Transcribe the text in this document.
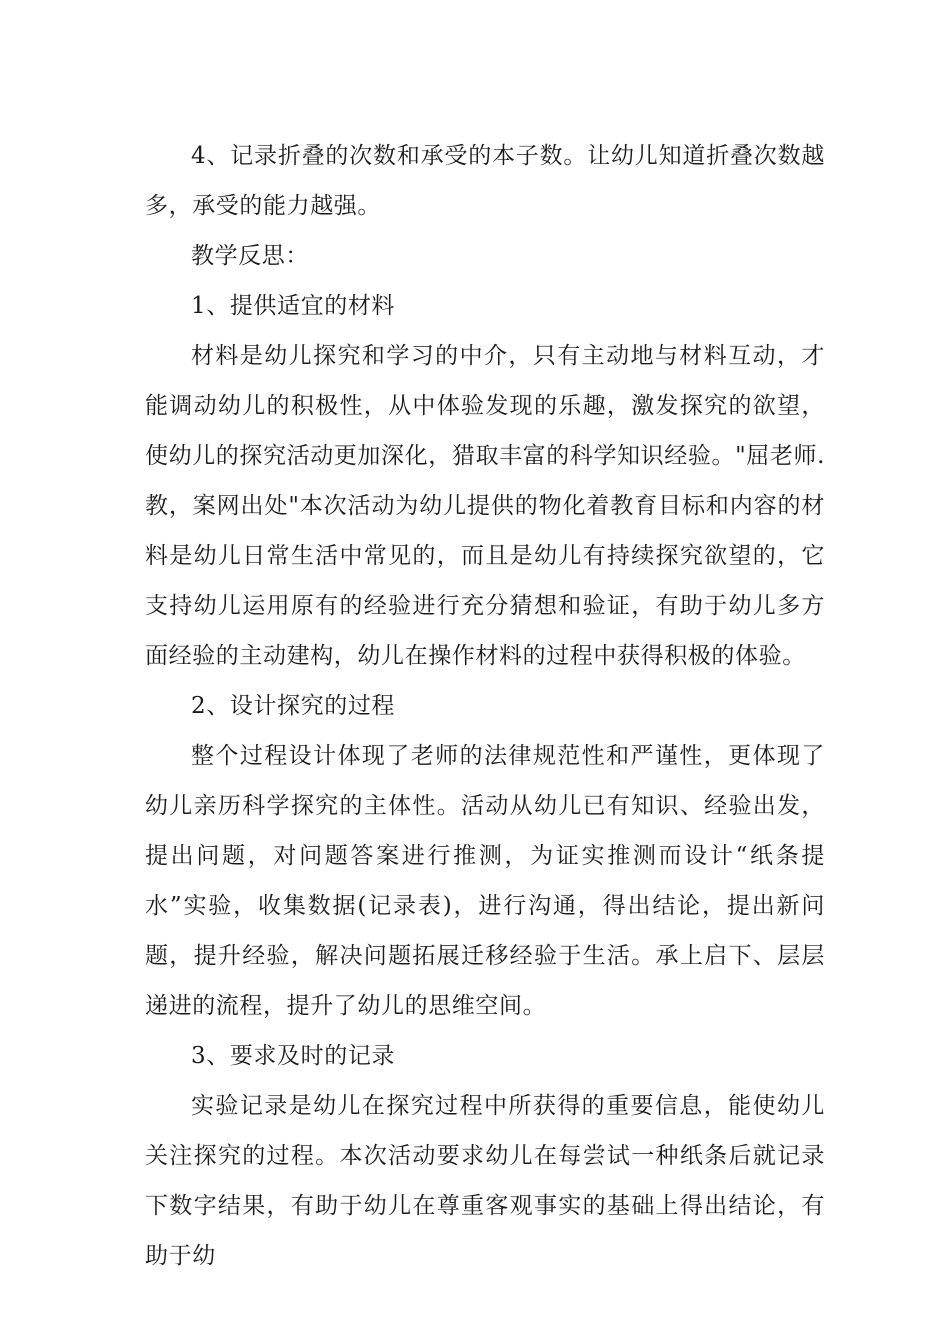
4、记录折叠的次数和承受的本子数。让幼儿知道折叠次数越多，承受的能力越强。

教学反思：

1、提供适宜的材料

材料是幼儿探究和学习的中介，只有主动地与材料互动，才能调动幼儿的积极性，从中体验发现的乐趣，激发探究的欲望，使幼儿的探究活动更加深化，猎取丰富的科学知识经验。"屈老师.教，案网出处"本次活动为幼儿提供的物化着教育目标和内容的材料是幼儿日常生活中常见的，而且是幼儿有持续探究欲望的，它支持幼儿运用原有的经验进行充分猜想和验证，有助于幼儿多方面经验的主动建构，幼儿在操作材料的过程中获得积极的体验。

2、设计探究的过程

整个过程设计体现了老师的法律规范性和严谨性，更体现了幼儿亲历科学探究的主体性。活动从幼儿已有知识、经验出发，提出问题，对问题答案进行推测，为证实推测而设计“纸条提水”实验，收集数据(记录表)，进行沟通，得出结论，提出新问题，提升经验，解决问题拓展迁移经验于生活。承上启下、层层递进的流程，提升了幼儿的思维空间。

3、要求及时的记录

实验记录是幼儿在探究过程中所获得的重要信息，能使幼儿关注探究的过程。本次活动要求幼儿在每尝试一种纸条后就记录下数字结果，有助于幼儿在尊重客观事实的基础上得出结论，有助于幼
